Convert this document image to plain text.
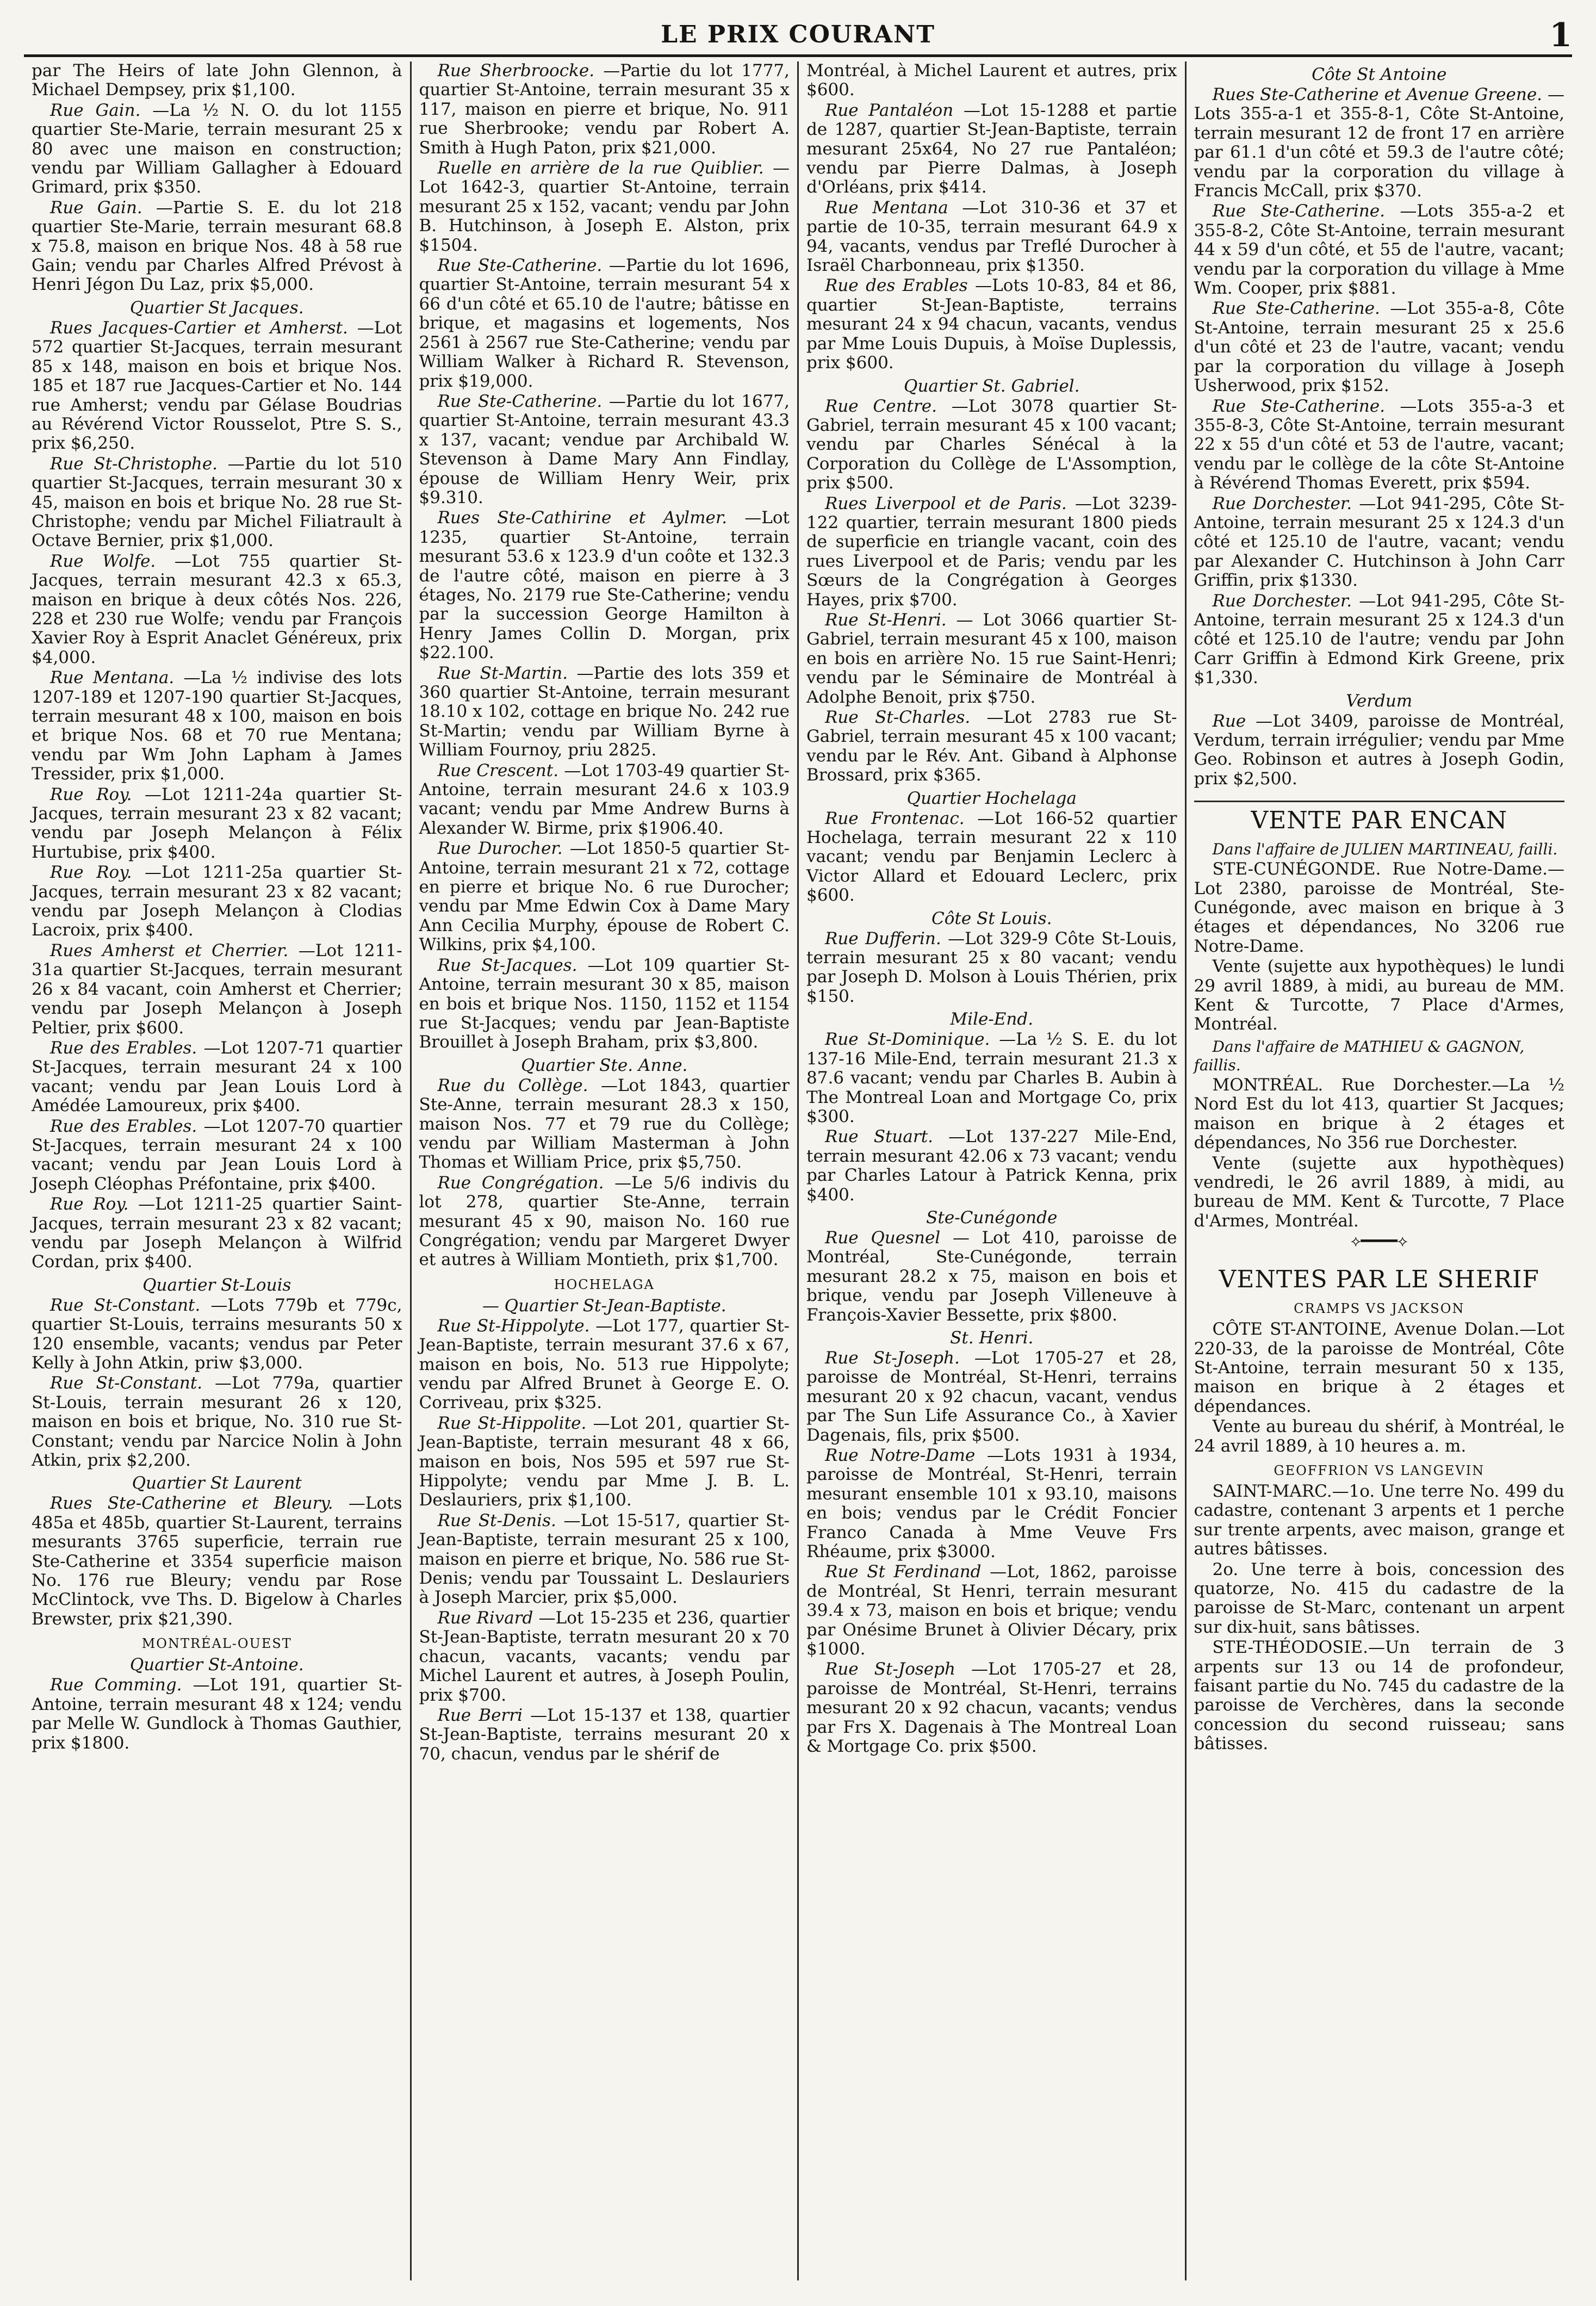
LE PRIX COURANT	1

par The Heirs of late John Glennon, à Michael Dempsey, prix $1,100.

Rue Gain. —La ½ N. O. du lot 1155 quartier Ste-Marie, terrain mesurant 25 x 80 avec une maison en construction; vendu par William Gallagher à Edouard Grimard, prix $350.

Rue Gain. —Partie S. E. du lot 218 quartier Ste-Marie, terrain mesurant 68.8 x 75.8, maison en brique Nos. 48 à 58 rue Gain; vendu par Charles Alfred Prévost à Henri Jégon Du Laz, prix $5,000.

Quartier St Jacques.

Rues Jacques-Cartier et Amherst. —Lot 572 quartier St-Jacques, terrain mesurant 85 x 148, maison en bois et brique Nos. 185 et 187 rue Jacques-Cartier et No. 144 rue Amherst; vendu par Gélase Boudrias au Révérend Victor Rousselot, Ptre S. S., prix $6,250.

Rue St-Christophe. —Partie du lot 510 quartier St-Jacques, terrain mesurant 30 x 45, maison en bois et brique No. 28 rue St-Christophe; vendu par Michel Filiatrault à Octave Bernier, prix $1,000.

Rue Wolfe. —Lot 755 quartier St-Jacques, terrain mesurant 42.3 x 65.3, maison en brique à deux côtés Nos. 226, 228 et 230 rue Wolfe; vendu par François Xavier Roy à Esprit Anaclet Généreux, prix $4,000.

Rue Mentana. —La ½ indivise des lots 1207-189 et 1207-190 quartier St-Jacques, terrain mesurant 48 x 100, maison en bois et brique Nos. 68 et 70 rue Mentana; vendu par Wm John Lapham à James Tressider, prix $1,000.

Rue Roy. —Lot 1211-24a quartier St-Jacques, terrain mesurant 23 x 82 vacant; vendu par Joseph Melançon à Félix Hurtubise, prix $400.

Rue Roy. —Lot 1211-25a quartier St-Jacques, terrain mesurant 23 x 82 vacant; vendu par Joseph Melançon à Clodias Lacroix, prix $400.

Rues Amherst et Cherrier. —Lot 1211-31a quartier St-Jacques, terrain mesurant 26 x 84 vacant, coin Amherst et Cherrier; vendu par Joseph Melançon à Joseph Peltier, prix $600.

Rue des Erables. —Lot 1207-71 quartier St-Jacques, terrain mesurant 24 x 100 vacant; vendu par Jean Louis Lord à Amédée Lamoureux, prix $400.

Rue des Erables. —Lot 1207-70 quartier St-Jacques, terrain mesurant 24 x 100 vacant; vendu par Jean Louis Lord à Joseph Cléophas Préfontaine, prix $400.

Rue Roy. —Lot 1211-25 quartier Saint-Jacques, terrain mesurant 23 x 82 vacant; vendu par Joseph Melançon à Wilfrid Cordan, prix $400.

Quartier St-Louis

Rue St-Constant. —Lots 779b et 779c, quartier St-Louis, terrains mesurants 50 x 120 ensemble, vacants; vendus par Peter Kelly à John Atkin, priw $3,000.

Rue St-Constant. —Lot 779a, quartier St-Louis, terrain mesurant 26 x 120, maison en bois et brique, No. 310 rue St-Constant; vendu par Narcice Nolin à John Atkin, prix $2,200.

Quartier St Laurent

Rues Ste-Catherine et Bleury. —Lots 485a et 485b, quartier St-Laurent, terrains mesurants 3765 superficie, terrain rue Ste-Catherine et 3354 superficie maison No. 176 rue Bleury; vendu par Rose McClintock, vve Ths. D. Bigelow à Charles Brewster, prix $21,390.

MONTRÉAL-OUEST
Quartier St-Antoine.

Rue Comming. —Lot 191, quartier St-Antoine, terrain mesurant 48 x 124; vendu par Melle W. Gundlock à Thomas Gauthier, prix $1800.

Rue Sherbroocke. —Partie du lot 1777, quartier St-Antoine, terrain mesurant 35 x 117, maison en pierre et brique, No. 911 rue Sherbrooke; vendu par Robert A. Smith à Hugh Paton, prix $21,000.

Ruelle en arrière de la rue Quiblier. —Lot 1642-3, quartier St-Antoine, terrain mesurant 25 x 152, vacant; vendu par John B. Hutchinson, à Joseph E. Alston, prix $1504.

Rue Ste-Catherine. —Partie du lot 1696, quartier St-Antoine, terrain mesurant 54 x 66 d'un côté et 65.10 de l'autre; bâtisse en brique, et magasins et logements, Nos 2561 à 2567 rue Ste-Catherine; vendu par William Walker à Richard R. Stevenson, prix $19,000.

Rue Ste-Catherine. —Partie du lot 1677, quartier St-Antoine, terrain mesurant 43.3 x 137, vacant; vendue par Archibald W. Stevenson à Dame Mary Ann Findlay, épouse de William Henry Weir, prix $9.310.

Rues Ste-Cathirine et Aylmer. —Lot 1235, quartier St-Antoine, terrain mesurant 53.6 x 123.9 d'un coôte et 132.3 de l'autre côté, maison en pierre à 3 étages, No. 2179 rue Ste-Catherine; vendu par la succession George Hamilton à Henry James Collin D. Morgan, prix $22.100.

Rue St-Martin. —Partie des lots 359 et 360 quartier St-Antoine, terrain mesurant 18.10 x 102, cottage en brique No. 242 rue St-Martin; vendu par William Byrne à William Fournoy, priu 2825.

Rue Crescent. —Lot 1703-49 quartier St-Antoine, terrain mesurant 24.6 x 103.9 vacant; vendu par Mme Andrew Burns à Alexander W. Birme, prix $1906.40.

Rue Durocher. —Lot 1850-5 quartier St-Antoine, terrain mesurant 21 x 72, cottage en pierre et brique No. 6 rue Durocher; vendu par Mme Edwin Cox à Dame Mary Ann Cecilia Murphy, épouse de Robert C. Wilkins, prix $4,100.

Rue St-Jacques. —Lot 109 quartier St-Antoine, terrain mesurant 30 x 85, maison en bois et brique Nos. 1150, 1152 et 1154 rue St-Jacques; vendu par Jean-Baptiste Brouillet à Joseph Braham, prix $3,800.

Quartier Ste. Anne.

Rue du Collège. —Lot 1843, quartier Ste-Anne, terrain mesurant 28.3 x 150, maison Nos. 77 et 79 rue du Collège; vendu par William Masterman à John Thomas et William Price, prix $5,750.

Rue Congrégation. —Le 5/6 indivis du lot 278, quartier Ste-Anne, terrain mesurant 45 x 90, maison No. 160 rue Congrégation; vendu par Margeret Dwyer et autres à William Montieth, prix $1,700.

HOCHELAGA
— Quartier St-Jean-Baptiste.

Rue St-Hippolyte. —Lot 177, quartier St-Jean-Baptiste, terrain mesurant 37.6 x 67, maison en bois, No. 513 rue Hippolyte; vendu par Alfred Brunet à George E. O. Corriveau, prix $325.

Rue St-Hippolite. —Lot 201, quartier St-Jean-Baptiste, terrain mesurant 48 x 66, maison en bois, Nos 595 et 597 rue St-Hippolyte; vendu par Mme J. B. L. Deslauriers, prix $1,100.

Rue St-Denis. —Lot 15-517, quartier St-Jean-Baptiste, terrain mesurant 25 x 100, maison en pierre et brique, No. 586 rue St-Denis; vendu par Toussaint L. Deslauriers à Joseph Marcier, prix $5,000.

Rue Rivard —Lot 15-235 et 236, quartier St-Jean-Baptiste, terratn mesurant 20 x 70 chacun, vacants, vacants; vendu par Michel Laurent et autres, à Joseph Poulin, prix $700.

Rue Berri —Lot 15-137 et 138, quartier St-Jean-Baptiste, terrains mesurant 20 x 70, chacun, vendus par le shérif de

Montréal, à Michel Laurent et autres, prix $600.

Rue Pantaléon —Lot 15-1288 et partie de 1287, quartier St-Jean-Baptiste, terrain mesurant 25x64, No 27 rue Pantaléon; vendu par Pierre Dalmas, à Joseph d'Orléans, prix $414.

Rue Mentana —Lot 310-36 et 37 et partie de 10-35, terrain mesurant 64.9 x 94, vacants, vendus par Treflé Durocher à Israël Charbonneau, prix $1350.

Rue des Erables —Lots 10-83, 84 et 86, quartier St-Jean-Baptiste, terrains mesurant 24 x 94 chacun, vacants, vendus par Mme Louis Dupuis, à Moïse Duplessis, prix $600.

Quartier St. Gabriel.

Rue Centre. —Lot 3078 quartier St-Gabriel, terrain mesurant 45 x 100 vacant; vendu par Charles Sénécal à la Corporation du Collège de L'Assomption, prix $500.

Rues Liverpool et de Paris. —Lot 3239-122 quartier, terrain mesurant 1800 pieds de superficie en triangle vacant, coin des rues Liverpool et de Paris; vendu par les Sœurs de la Congrégation à Georges Hayes, prix $700.

Rue St-Henri. — Lot 3066 quartier St-Gabriel, terrain mesurant 45 x 100, maison en bois en arrière No. 15 rue Saint-Henri; vendu par le Séminaire de Montréal à Adolphe Benoit, prix $750.

Rue St-Charles. —Lot 2783 rue St-Gabriel, terrain mesurant 45 x 100 vacant; vendu par le Rév. Ant. Giband à Alphonse Brossard, prix $365.

Quartier Hochelaga

Rue Frontenac. —Lot 166-52 quartier Hochelaga, terrain mesurant 22 x 110 vacant; vendu par Benjamin Leclerc à Victor Allard et Edouard Leclerc, prix $600.

Côte St Louis.

Rue Dufferin. —Lot 329-9 Côte St-Louis, terrain mesurant 25 x 80 vacant; vendu par Joseph D. Molson à Louis Thérien, prix $150.

Mile-End.

Rue St-Dominique. —La ½ S. E. du lot 137-16 Mile-End, terrain mesurant 21.3 x 87.6 vacant; vendu par Charles B. Aubin à The Montreal Loan and Mortgage Co, prix $300.

Rue Stuart. —Lot 137-227 Mile-End, terrain mesurant 42.06 x 73 vacant; vendu par Charles Latour à Patrick Kenna, prix $400.

Ste-Cunégonde

Rue Quesnel — Lot 410, paroisse de Montréal, Ste-Cunégonde, terrain mesurant 28.2 x 75, maison en bois et brique, vendu par Joseph Villeneuve à François-Xavier Bessette, prix $800.

St. Henri.

Rue St-Joseph. —Lot 1705-27 et 28, paroisse de Montréal, St-Henri, terrains mesurant 20 x 92 chacun, vacant, vendus par The Sun Life Assurance Co., à Xavier Dagenais, fils, prix $500.

Rue Notre-Dame —Lots 1931 à 1934, paroisse de Montréal, St-Henri, terrain mesurant ensemble 101 x 93.10, maisons en bois; vendus par le Crédit Foncier Franco Canada à Mme Veuve Frs Rhéaume, prix $3000.

Rue St Ferdinand —Lot, 1862, paroisse de Montréal, St Henri, terrain mesurant 39.4 x 73, maison en bois et brique; vendu par Onésime Brunet à Olivier Décary, prix $1000.

Rue St-Joseph —Lot 1705-27 et 28, paroisse de Montréal, St-Henri, terrains mesurant 20 x 92 chacun, vacants; vendus par Frs X. Dagenais à The Montreal Loan & Mortgage Co. prix $500.

Côte St Antoine

Rues Ste-Catherine et Avenue Greene. —Lots 355-a-1 et 355-8-1, Côte St-Antoine, terrain mesurant 12 de front 17 en arrière par 61.1 d'un côté et 59.3 de l'autre côté; vendu par la corporation du village à Francis McCall, prix $370.

Rue Ste-Catherine. —Lots 355-a-2 et 355-8-2, Côte St-Antoine, terrain mesurant 44 x 59 d'un côté, et 55 de l'autre, vacant; vendu par la corporation du village à Mme Wm. Cooper, prix $881.

Rue Ste-Catherine. —Lot 355-a-8, Côte St-Antoine, terrain mesurant 25 x 25.6 d'un côté et 23 de l'autre, vacant; vendu par la corporation du village à Joseph Usherwood, prix $152.

Rue Ste-Catherine. —Lots 355-a-3 et 355-8-3, Côte St-Antoine, terrain mesurant 22 x 55 d'un côté et 53 de l'autre, vacant; vendu par le collège de la côte St-Antoine à Révérend Thomas Everett, prix $594.

Rue Dorchester. —Lot 941-295, Côte St-Antoine, terrain mesurant 25 x 124.3 d'un côté et 125.10 de l'autre, vacant; vendu par Alexander C. Hutchinson à John Carr Griffin, prix $1330.

Rue Dorchester. —Lot 941-295, Côte St-Antoine, terrain mesurant 25 x 124.3 d'un côté et 125.10 de l'autre; vendu par John Carr Griffin à Edmond Kirk Greene, prix $1,330.

Verdum

Rue —Lot 3409, paroisse de Montréal, Verdum, terrain irrégulier; vendu par Mme Geo. Robinson et autres à Joseph Godin, prix $2,500.

VENTE PAR ENCAN
Dans l'affaire de JULIEN MARTINEAU, failli.

STE-CUNÉGONDE. Rue Notre-Dame.—Lot 2380, paroisse de Montréal, Ste-Cunégonde, avec maison en brique à 3 étages et dépendances, No 3206 rue Notre-Dame.

Vente (sujette aux hypothèques) le lundi 29 avril 1889, à midi, au bureau de MM. Kent & Turcotte, 7 Place d'Armes, Montréal.

Dans l'affaire de MATHIEU & GAGNON, faillis.

MONTRÉAL. Rue Dorchester.—La ½ Nord Est du lot 413, quartier St Jacques; maison en brique à 2 étages et dépendances, No 356 rue Dorchester.

Vente (sujette aux hypothèques) vendredi, le 26 avril 1889, à midi, au bureau de MM. Kent & Turcotte, 7 Place d'Armes, Montréal.

⟡━━━━⟡
VENTES PAR LE SHERIF
CRAMPS VS JACKSON

CÔTE ST-ANTOINE, Avenue Dolan.—Lot 220-33, de la paroisse de Montréal, Côte St-Antoine, terrain mesurant 50 x 135, maison en brique à 2 étages et dépendances.

Vente au bureau du shérif, à Montréal, le 24 avril 1889, à 10 heures a. m.

GEOFFRION VS LANGEVIN

SAINT-MARC.—1o. Une terre No. 499 du cadastre, contenant 3 arpents et 1 perche sur trente arpents, avec maison, grange et autres bâtisses.

2o. Une terre à bois, concession des quatorze, No. 415 du cadastre de la paroisse de St-Marc, contenant un arpent sur dix-huit, sans bâtisses.

STE-THÉODOSIE.—Un terrain de 3 arpents sur 13 ou 14 de profondeur, faisant partie du No. 745 du cadastre de la paroisse de Verchères, dans la seconde concession du second ruisseau; sans bâtisses.
